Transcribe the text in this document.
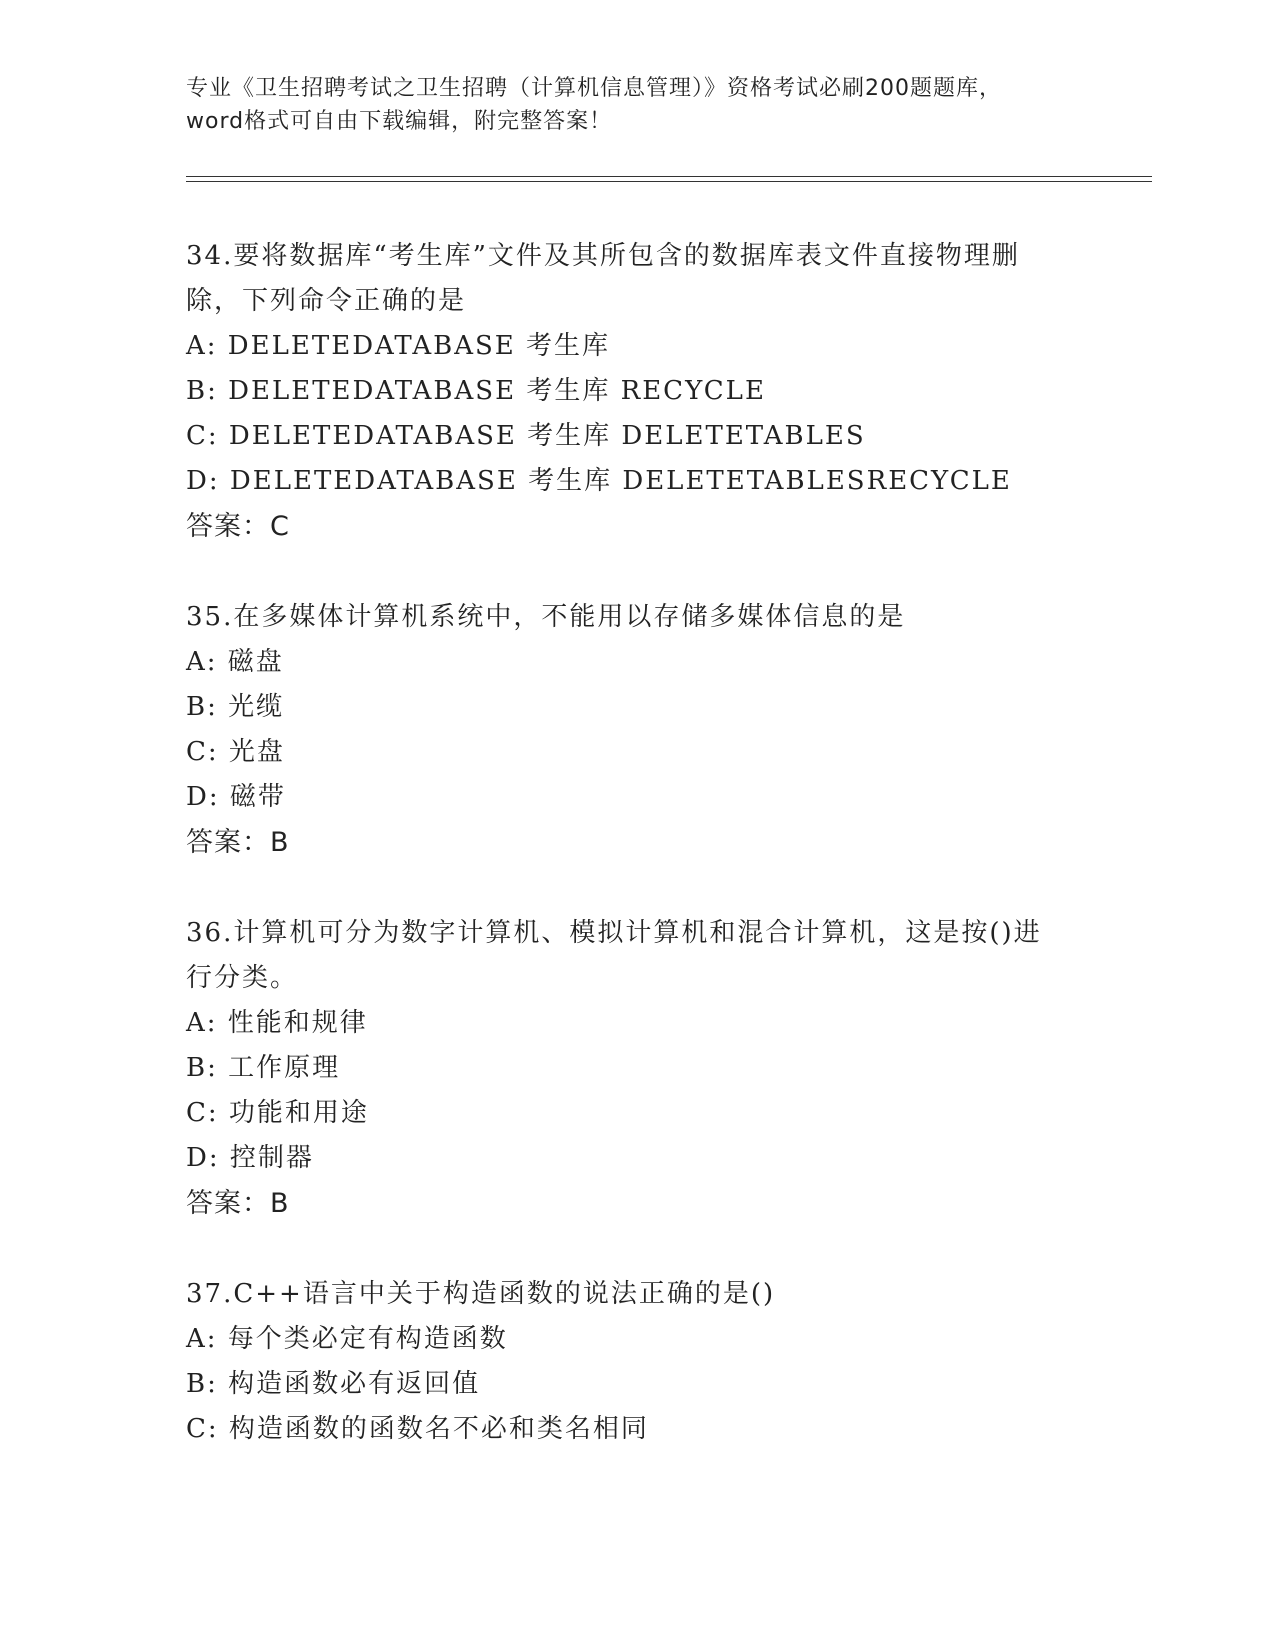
专业《卫生招聘考试之卫生招聘（计算机信息管理）》资格考试必刷200题题库，
word格式可自由下载编辑，附完整答案！
34.要将数据库“考生库”文件及其所包含的数据库表文件直接物理删
除，下列命令正确的是
A: DELETEDATABASE 考生库
B: DELETEDATABASE 考生库 RECYCLE
C: DELETEDATABASE 考生库 DELETETABLES
D: DELETEDATABASE 考生库 DELETETABLESRECYCLE
答案：C
35.在多媒体计算机系统中，不能用以存储多媒体信息的是
A: 磁盘
B: 光缆
C: 光盘
D: 磁带
答案：B
36.计算机可分为数字计算机、模拟计算机和混合计算机，这是按()进
行分类。
A: 性能和规律
B: 工作原理
C: 功能和用途
D: 控制器
答案：B
37.C++语言中关于构造函数的说法正确的是()
A: 每个类必定有构造函数
B: 构造函数必有返回值
C: 构造函数的函数名不必和类名相同
